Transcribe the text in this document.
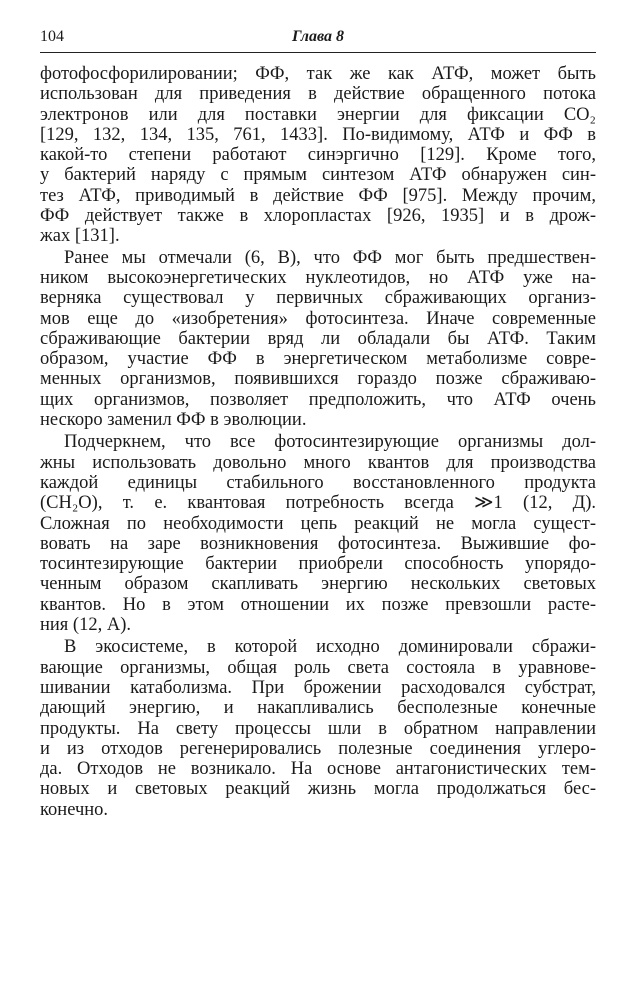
104	Глава 8

фотофосфорилировании; ФФ, так же как АТФ, может быть
использован для приведения в действие обращенного потока
электронов или для поставки энергии для фиксации CO₂
[129, 132, 134, 135, 761, 1433]. По-видимому, АТФ и ФФ в
какой-то степени работают синэргично [129]. Кроме того,
у бактерий наряду с прямым синтезом АТФ обнаружен син-
тез АТФ, приводимый в действие ФФ [975]. Между прочим,
ФФ действует также в хлоропластах [926, 1935] и в дрож-
жах [131].

Ранее мы отмечали (6, В), что ФФ мог быть предшествен-
ником высокоэнергетических нуклеотидов, но АТФ уже на-
верняка существовал у первичных сбраживающих организ-
мов еще до «изобретения» фотосинтеза. Иначе современные
сбраживающие бактерии вряд ли обладали бы АТФ. Таким
образом, участие ФФ в энергетическом метаболизме совре-
менных организмов, появившихся гораздо позже сбраживаю-
щих организмов, позволяет предположить, что АТФ очень
нескоро заменил ФФ в эволюции.

Подчеркнем, что все фотосинтезирующие организмы дол-
жны использовать довольно много квантов для производства
каждой единицы стабильного восстановленного продукта
(CH₂O), т. е. квантовая потребность всегда ≫1 (12, Д).
Сложная по необходимости цепь реакций не могла сущест-
вовать на заре возникновения фотосинтеза. Выжившие фо-
тосинтезирующие бактерии приобрели способность упорядо-
ченным образом скапливать энергию нескольких световых
квантов. Но в этом отношении их позже превзошли расте-
ния (12, А).

В экосистеме, в которой исходно доминировали сбражи-
вающие организмы, общая роль света состояла в уравнове-
шивании катаболизма. При брожении расходовался субстрат,
дающий энергию, и накапливались бесполезные конечные
продукты. На свету процессы шли в обратном направлении
и из отходов регенерировались полезные соединения углеро-
да. Отходов не возникало. На основе антагонистических тем-
новых и световых реакций жизнь могла продолжаться бес-
конечно.
